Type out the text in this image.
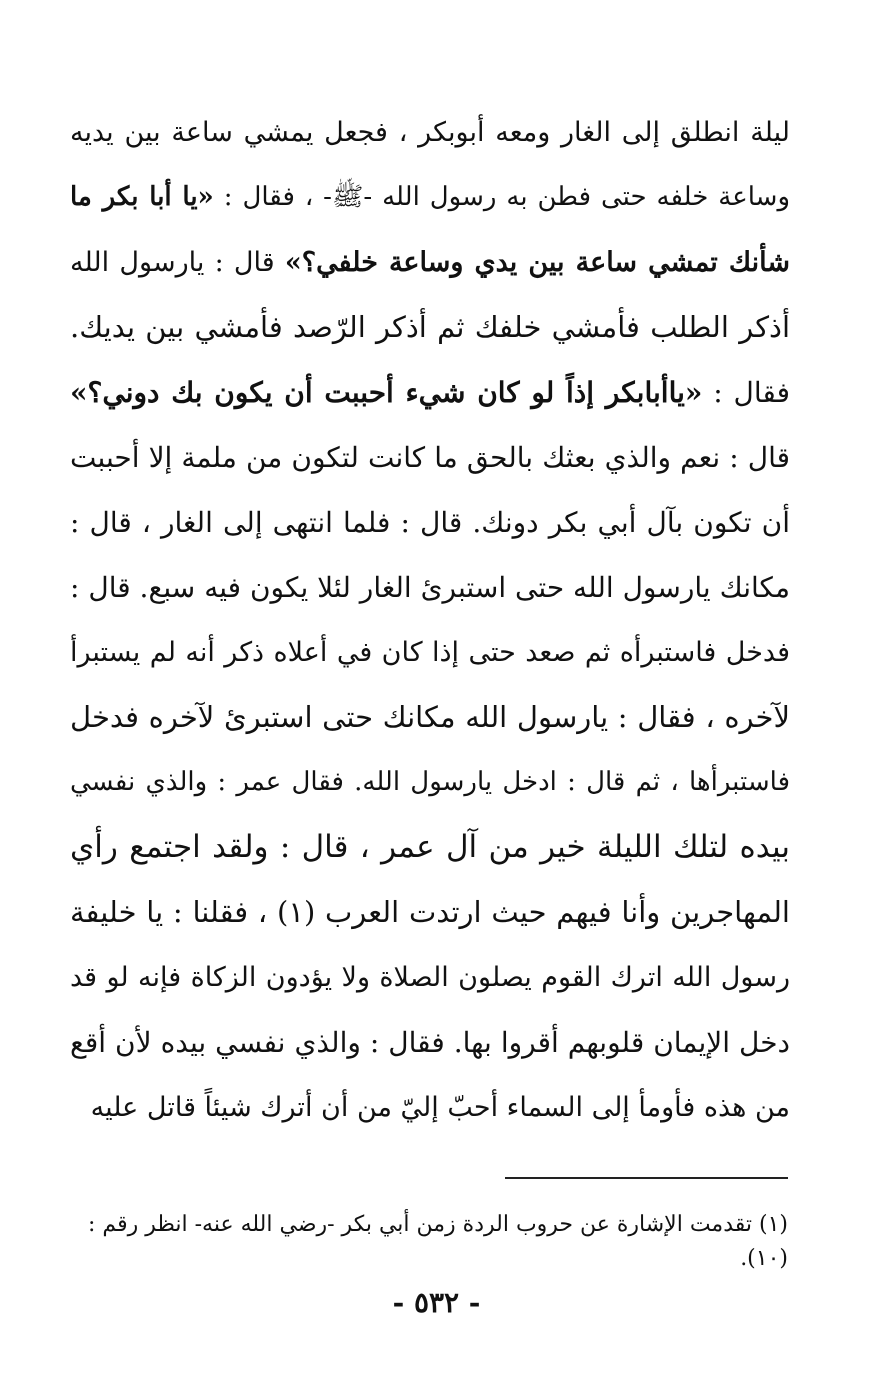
ليلة انطلق إلى الغار ومعه أبوبكر ، فجعل يمشي ساعة بين يديه
وساعة خلفه حتى فطن به رسول الله -ﷺ- ، فقال : «يا أبا بكر ما
شأنك تمشي ساعة بين يدي وساعة خلفي؟» قال : يارسول الله
أذكر الطلب فأمشي خلفك ثم أذكر الرّصد فأمشي بين يديك.
فقال : «ياأبابكر إذاً لو كان شيء أحببت أن يكون بك دوني؟»
قال : نعم والذي بعثك بالحق ما كانت لتكون من ملمة إلا أحببت
أن تكون بآل أبي بكر دونك. قال : فلما انتهى إلى الغار ، قال :
مكانك يارسول الله حتى استبرئ الغار لئلا يكون فيه سبع. قال :
فدخل فاستبرأه ثم صعد حتى إذا كان في أعلاه ذكر أنه لم يستبرأ
لآخره ، فقال : يارسول الله مكانك حتى استبرئ لآخره فدخل
فاستبرأها ، ثم قال : ادخل يارسول الله. فقال عمر : والذي نفسي
بيده لتلك الليلة خير من آل عمر ، قال : ولقد اجتمع رأي
المهاجرين وأنا فيهم حيث ارتدت العرب (١) ، فقلنا : يا خليفة
رسول الله اترك القوم يصلون الصلاة ولا يؤدون الزكاة فإنه لو قد
دخل الإيمان قلوبهم أقروا بها. فقال : والذي نفسي بيده لأن أقع
من هذه فأومأ إلى السماء أحبّ إليّ من أن أترك شيئاً قاتل عليه
(١) تقدمت الإشارة عن حروب الردة زمن أبي بكر -رضي الله عنه- انظر رقم : (١٠).
- ٥٣٢ -
